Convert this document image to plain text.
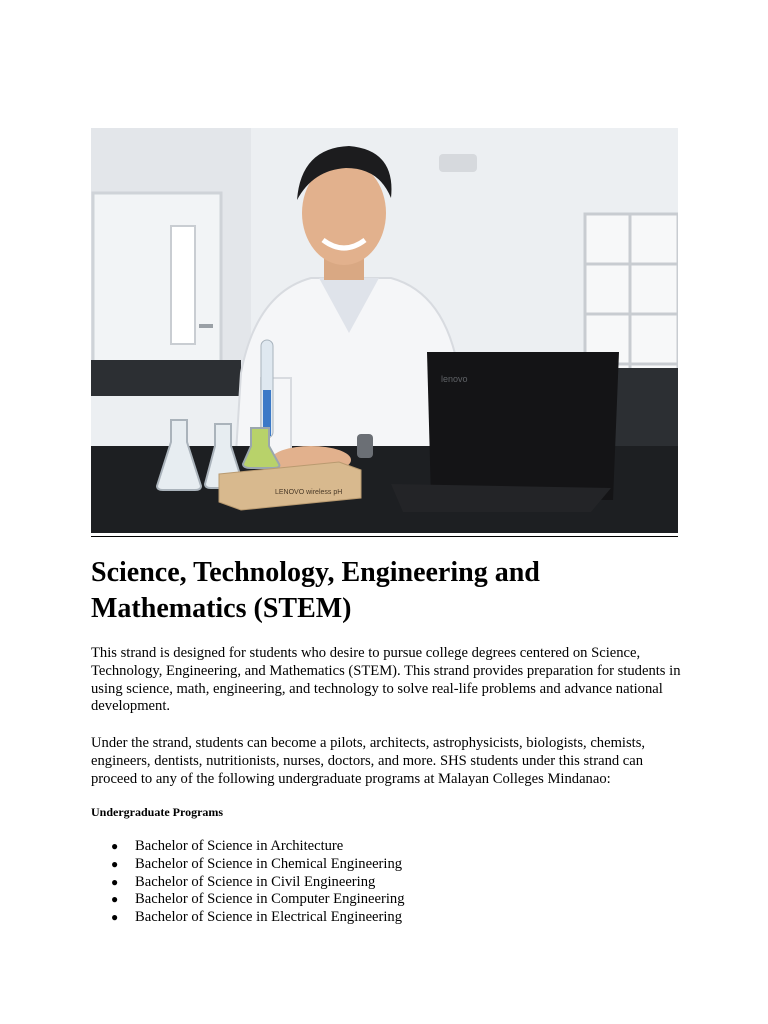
LENOVO wireless pH
lenovo
Science, Technology, Engineering and
Mathematics (STEM)

This strand is designed for students who desire to pursue college degrees centered on Science, Technology, Engineering, and Mathematics (STEM). This strand provides preparation for students in using science, math, engineering, and technology to solve real-life problems and advance national development.

Under the strand, students can become a pilots, architects, astrophysicists, biologists, chemists, engineers, dentists, nutritionists, nurses, doctors, and more. SHS students under this strand can proceed to any of the following undergraduate programs at Malayan Colleges Mindanao:

Undergraduate Programs

● Bachelor of Science in Architecture
● Bachelor of Science in Chemical Engineering
● Bachelor of Science in Civil Engineering
● Bachelor of Science in Computer Engineering
● Bachelor of Science in Electrical Engineering
